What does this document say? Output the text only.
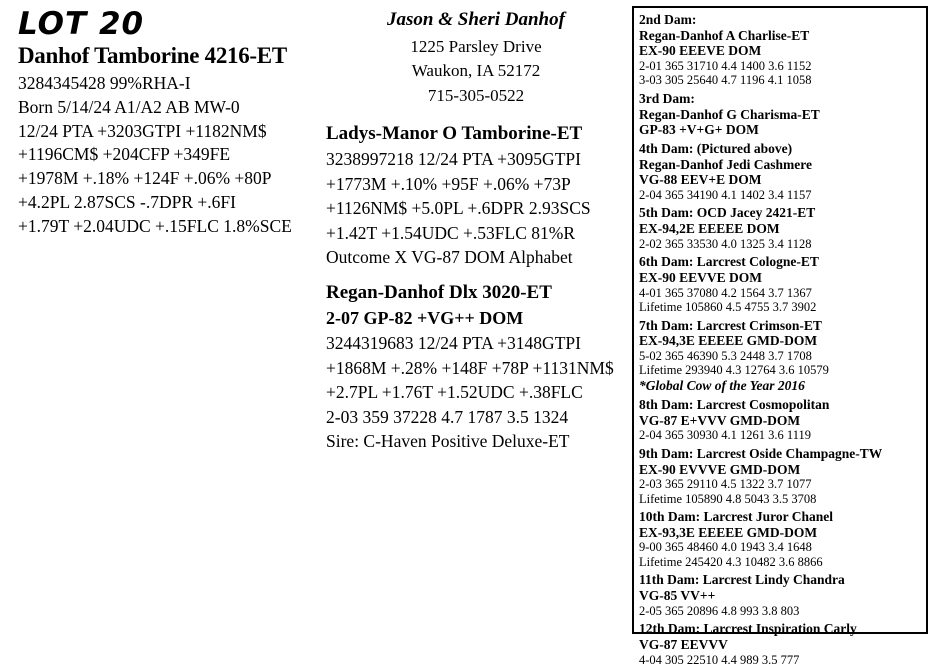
LOT 20
Danhof Tamborine 4216-ET
3284345428 99%RHA-I
Born 5/14/24 A1/A2 AB MW-0
12/24 PTA +3203GTPI +1182NM$
+1196CM$ +204CFP +349FE
+1978M +.18% +124F +.06% +80P
+4.2PL 2.87SCS -.7DPR +.6FI
+1.79T +2.04UDC +.15FLC 1.8%SCE
Jason & Sheri Danhof
1225 Parsley Drive
Waukon, IA 52172
715-305-0522
Ladys-Manor O Tamborine-ET
3238997218 12/24 PTA +3095GTPI
+1773M +.10% +95F +.06% +73P
+1126NM$ +5.0PL +.6DPR 2.93SCS
+1.42T +1.54UDC +.53FLC 81%R
Outcome X VG-87 DOM Alphabet
Regan-Danhof Dlx 3020-ET
2-07 GP-82 +VG++ DOM
3244319683 12/24 PTA +3148GTPI
+1868M +.28% +148F +78P +1131NM$
+2.7PL +1.76T +1.52UDC +.38FLC
2-03 359 37228 4.7 1787 3.5 1324
Sire: C-Haven Positive Deluxe-ET
2nd Dam:
Regan-Danhof A Charlise-ET
EX-90 EEEVE DOM
2-01 365 31710 4.4 1400 3.6 1152
3-03 305 25640 4.7 1196 4.1 1058
3rd Dam:
Regan-Danhof G Charisma-ET
GP-83 +V+G+ DOM
4th Dam: (Pictured above)
Regan-Danhof Jedi Cashmere
VG-88 EEV+E DOM
2-04 365 34190 4.1 1402 3.4 1157
5th Dam: OCD Jacey 2421-ET
EX-94,2E EEEEE DOM
2-02 365 33530 4.0 1325 3.4 1128
6th Dam: Larcrest Cologne-ET
EX-90 EEVVE DOM
4-01 365 37080 4.2 1564 3.7 1367
Lifetime 105860 4.5 4755 3.7 3902
7th Dam: Larcrest Crimson-ET
EX-94,3E EEEEE GMD-DOM
5-02 365 46390 5.3 2448 3.7 1708
Lifetime 293940 4.3 12764 3.6 10579
*Global Cow of the Year 2016
8th Dam: Larcrest Cosmopolitan
VG-87 E+VVV GMD-DOM
2-04 365 30930 4.1 1261 3.6 1119
9th Dam: Larcrest Oside Champagne-TW
EX-90 EVVVE GMD-DOM
2-03 365 29110 4.5 1322 3.7 1077
Lifetime 105890 4.8 5043 3.5 3708
10th Dam: Larcrest Juror Chanel
EX-93,3E EEEEE GMD-DOM
9-00 365 48460 4.0 1943 3.4 1648
Lifetime 245420 4.3 10482 3.6 8866
11th Dam: Larcrest Lindy Chandra
VG-85 VV++
2-05 365 20896 4.8 993 3.8 803
12th Dam: Larcrest Inspiration Carly
VG-87 EEVVV
4-04 305 22510 4.4 989 3.5 777
